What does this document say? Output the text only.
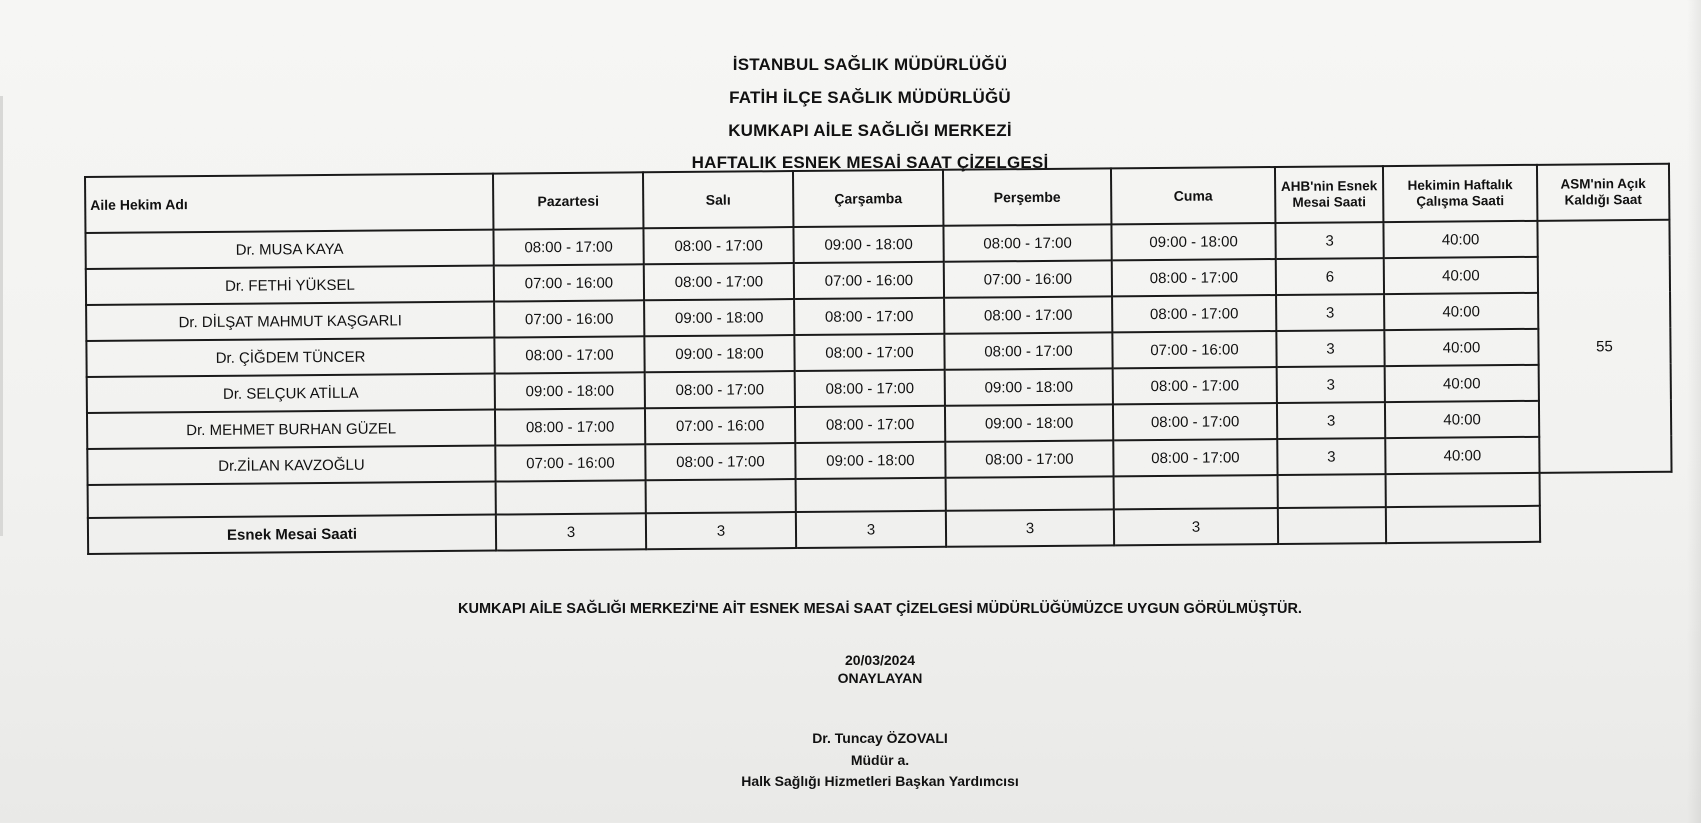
İSTANBUL SAĞLIK MÜDÜRLÜĞÜ
FATİH İLÇE SAĞLIK MÜDÜRLÜĞÜ
KUMKAPI AİLE SAĞLIĞI MERKEZİ
HAFTALIK ESNEK MESAİ SAAT ÇİZELGESİ
Aile Hekim Adı	Pazartesi	Salı	Çarşamba	Perşembe	Cuma	AHB'nin Esnek Mesai Saati	Hekimin Haftalık Çalışma Saati	ASM'nin Açık Kaldığı Saat
Dr. MUSA KAYA	08:00 - 17:00	08:00 - 17:00	09:00 - 18:00	08:00 - 17:00	09:00 - 18:00	3	40:00	55
Dr. FETHİ YÜKSEL	07:00 - 16:00	08:00 - 17:00	07:00 - 16:00	07:00 - 16:00	08:00 - 17:00	6	40:00	
Dr. DİLŞAT MAHMUT KAŞGARLI	07:00 - 16:00	09:00 - 18:00	08:00 - 17:00	08:00 - 17:00	08:00 - 17:00	3	40:00	
Dr. ÇİĞDEM TÜNCER	08:00 - 17:00	09:00 - 18:00	08:00 - 17:00	08:00 - 17:00	07:00 - 16:00	3	40:00	
Dr. SELÇUK ATİLLA	09:00 - 18:00	08:00 - 17:00	08:00 - 17:00	09:00 - 18:00	08:00 - 17:00	3	40:00	
Dr. MEHMET BURHAN GÜZEL	08:00 - 17:00	07:00 - 16:00	08:00 - 17:00	09:00 - 18:00	08:00 - 17:00	3	40:00	
Dr.ZİLAN KAVZOĞLU	07:00 - 16:00	08:00 - 17:00	09:00 - 18:00	08:00 - 17:00	08:00 - 17:00	3	40:00	

Esnek Mesai Saati	3	3	3	3	3			
KUMKAPI AİLE SAĞLIĞI MERKEZİ'NE AİT ESNEK MESAİ SAAT ÇİZELGESİ MÜDÜRLÜĞÜMÜZCE UYGUN GÖRÜLMÜŞTÜR.
20/03/2024
ONAYLAYAN
Dr. Tuncay ÖZOVALI
Müdür a.
Halk Sağlığı Hizmetleri Başkan Yardımcısı
